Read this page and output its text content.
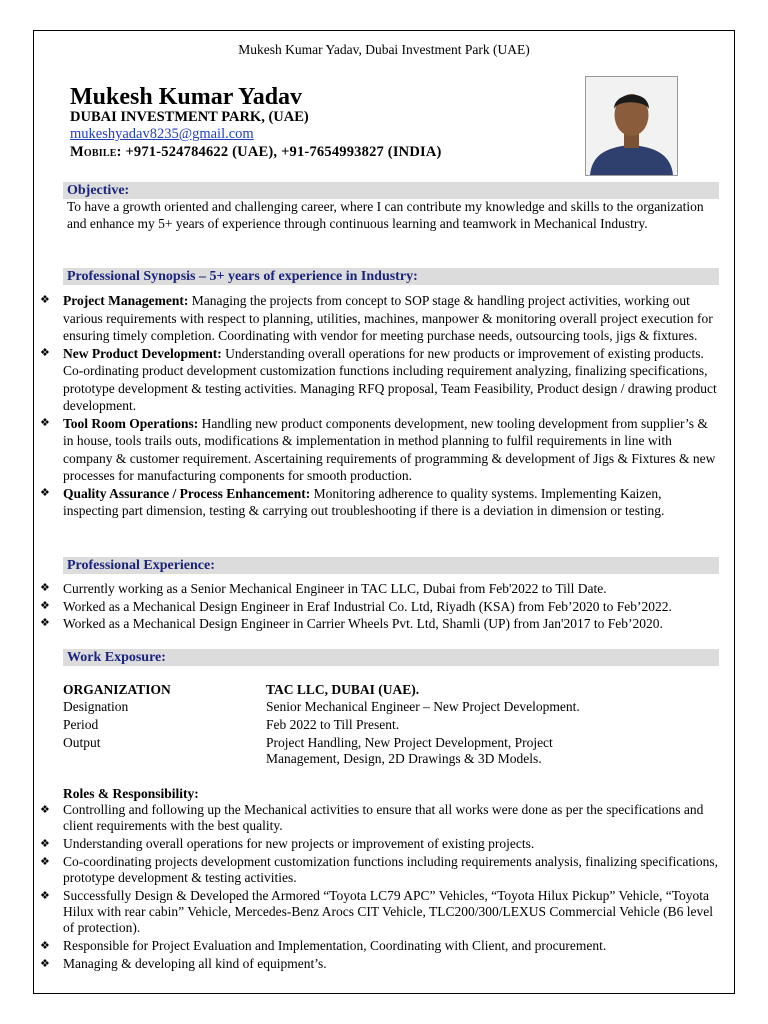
Mukesh Kumar Yadav, Dubai Investment Park (UAE)
Mukesh Kumar Yadav
DUBAI INVESTMENT PARK, (UAE)
mukeshyadav8235@gmail.com
Mobile: +971-524784622 (UAE), +91-7654993827 (INDIA)
Objective:
To have a growth oriented and challenging career, where I can contribute my knowledge and skills to the organization and enhance my 5+ years of experience through continuous learning and teamwork in Mechanical Industry.
Professional Synopsis – 5+ years of experience in Industry:
❖ Project Management: Managing the projects from concept to SOP stage & handling project activities, working out various requirements with respect to planning, utilities, machines, manpower & monitoring overall project execution for ensuring timely completion. Coordinating with vendor for meeting purchase needs, outsourcing tools, jigs & fixtures.
❖ New Product Development: Understanding overall operations for new products or improvement of existing products. Co-ordinating product development customization functions including requirement analyzing, finalizing specifications, prototype development & testing activities. Managing RFQ proposal, Team Feasibility, Product design / drawing product development.
❖ Tool Room Operations: Handling new product components development, new tooling development from supplier’s & in house, tools trails outs, modifications & implementation in method planning to fulfil requirements in line with company & customer requirement. Ascertaining requirements of programming & development of Jigs & Fixtures & new processes for manufacturing components for smooth production.
❖ Quality Assurance / Process Enhancement: Monitoring adherence to quality systems. Implementing Kaizen, inspecting part dimension, testing & carrying out troubleshooting if there is a deviation in dimension or testing.
Professional Experience:
❖ Currently working as a Senior Mechanical Engineer in TAC LLC, Dubai from Feb'2022 to Till Date.
❖ Worked as a Mechanical Design Engineer in Eraf Industrial Co. Ltd, Riyadh (KSA) from Feb’2020 to Feb’2022.
❖ Worked as a Mechanical Design Engineer in Carrier Wheels Pvt. Ltd, Shamli (UP) from Jan'2017 to Feb’2020.
Work Exposure:
ORGANIZATION	TAC LLC, DUBAI (UAE).
Designation	Senior Mechanical Engineer – New Project Development.
Period	Feb 2022 to Till Present.
Output	Project Handling, New Project Development, Project Management, Design, 2D Drawings & 3D Models.
Roles & Responsibility:
❖ Controlling and following up the Mechanical activities to ensure that all works were done as per the specifications and client requirements with the best quality.
❖ Understanding overall operations for new projects or improvement of existing projects.
❖ Co-coordinating projects development customization functions including requirements analysis, finalizing specifications, prototype development & testing activities.
❖ Successfully Design & Developed the Armored “Toyota LC79 APC” Vehicles, “Toyota Hilux Pickup” Vehicle, “Toyota Hilux with rear cabin” Vehicle, Mercedes-Benz Arocs CIT Vehicle, TLC200/300/LEXUS Commercial Vehicle (B6 level of protection).
❖ Responsible for Project Evaluation and Implementation, Coordinating with Client, and procurement.
❖ Managing & developing all kind of equipment’s.
